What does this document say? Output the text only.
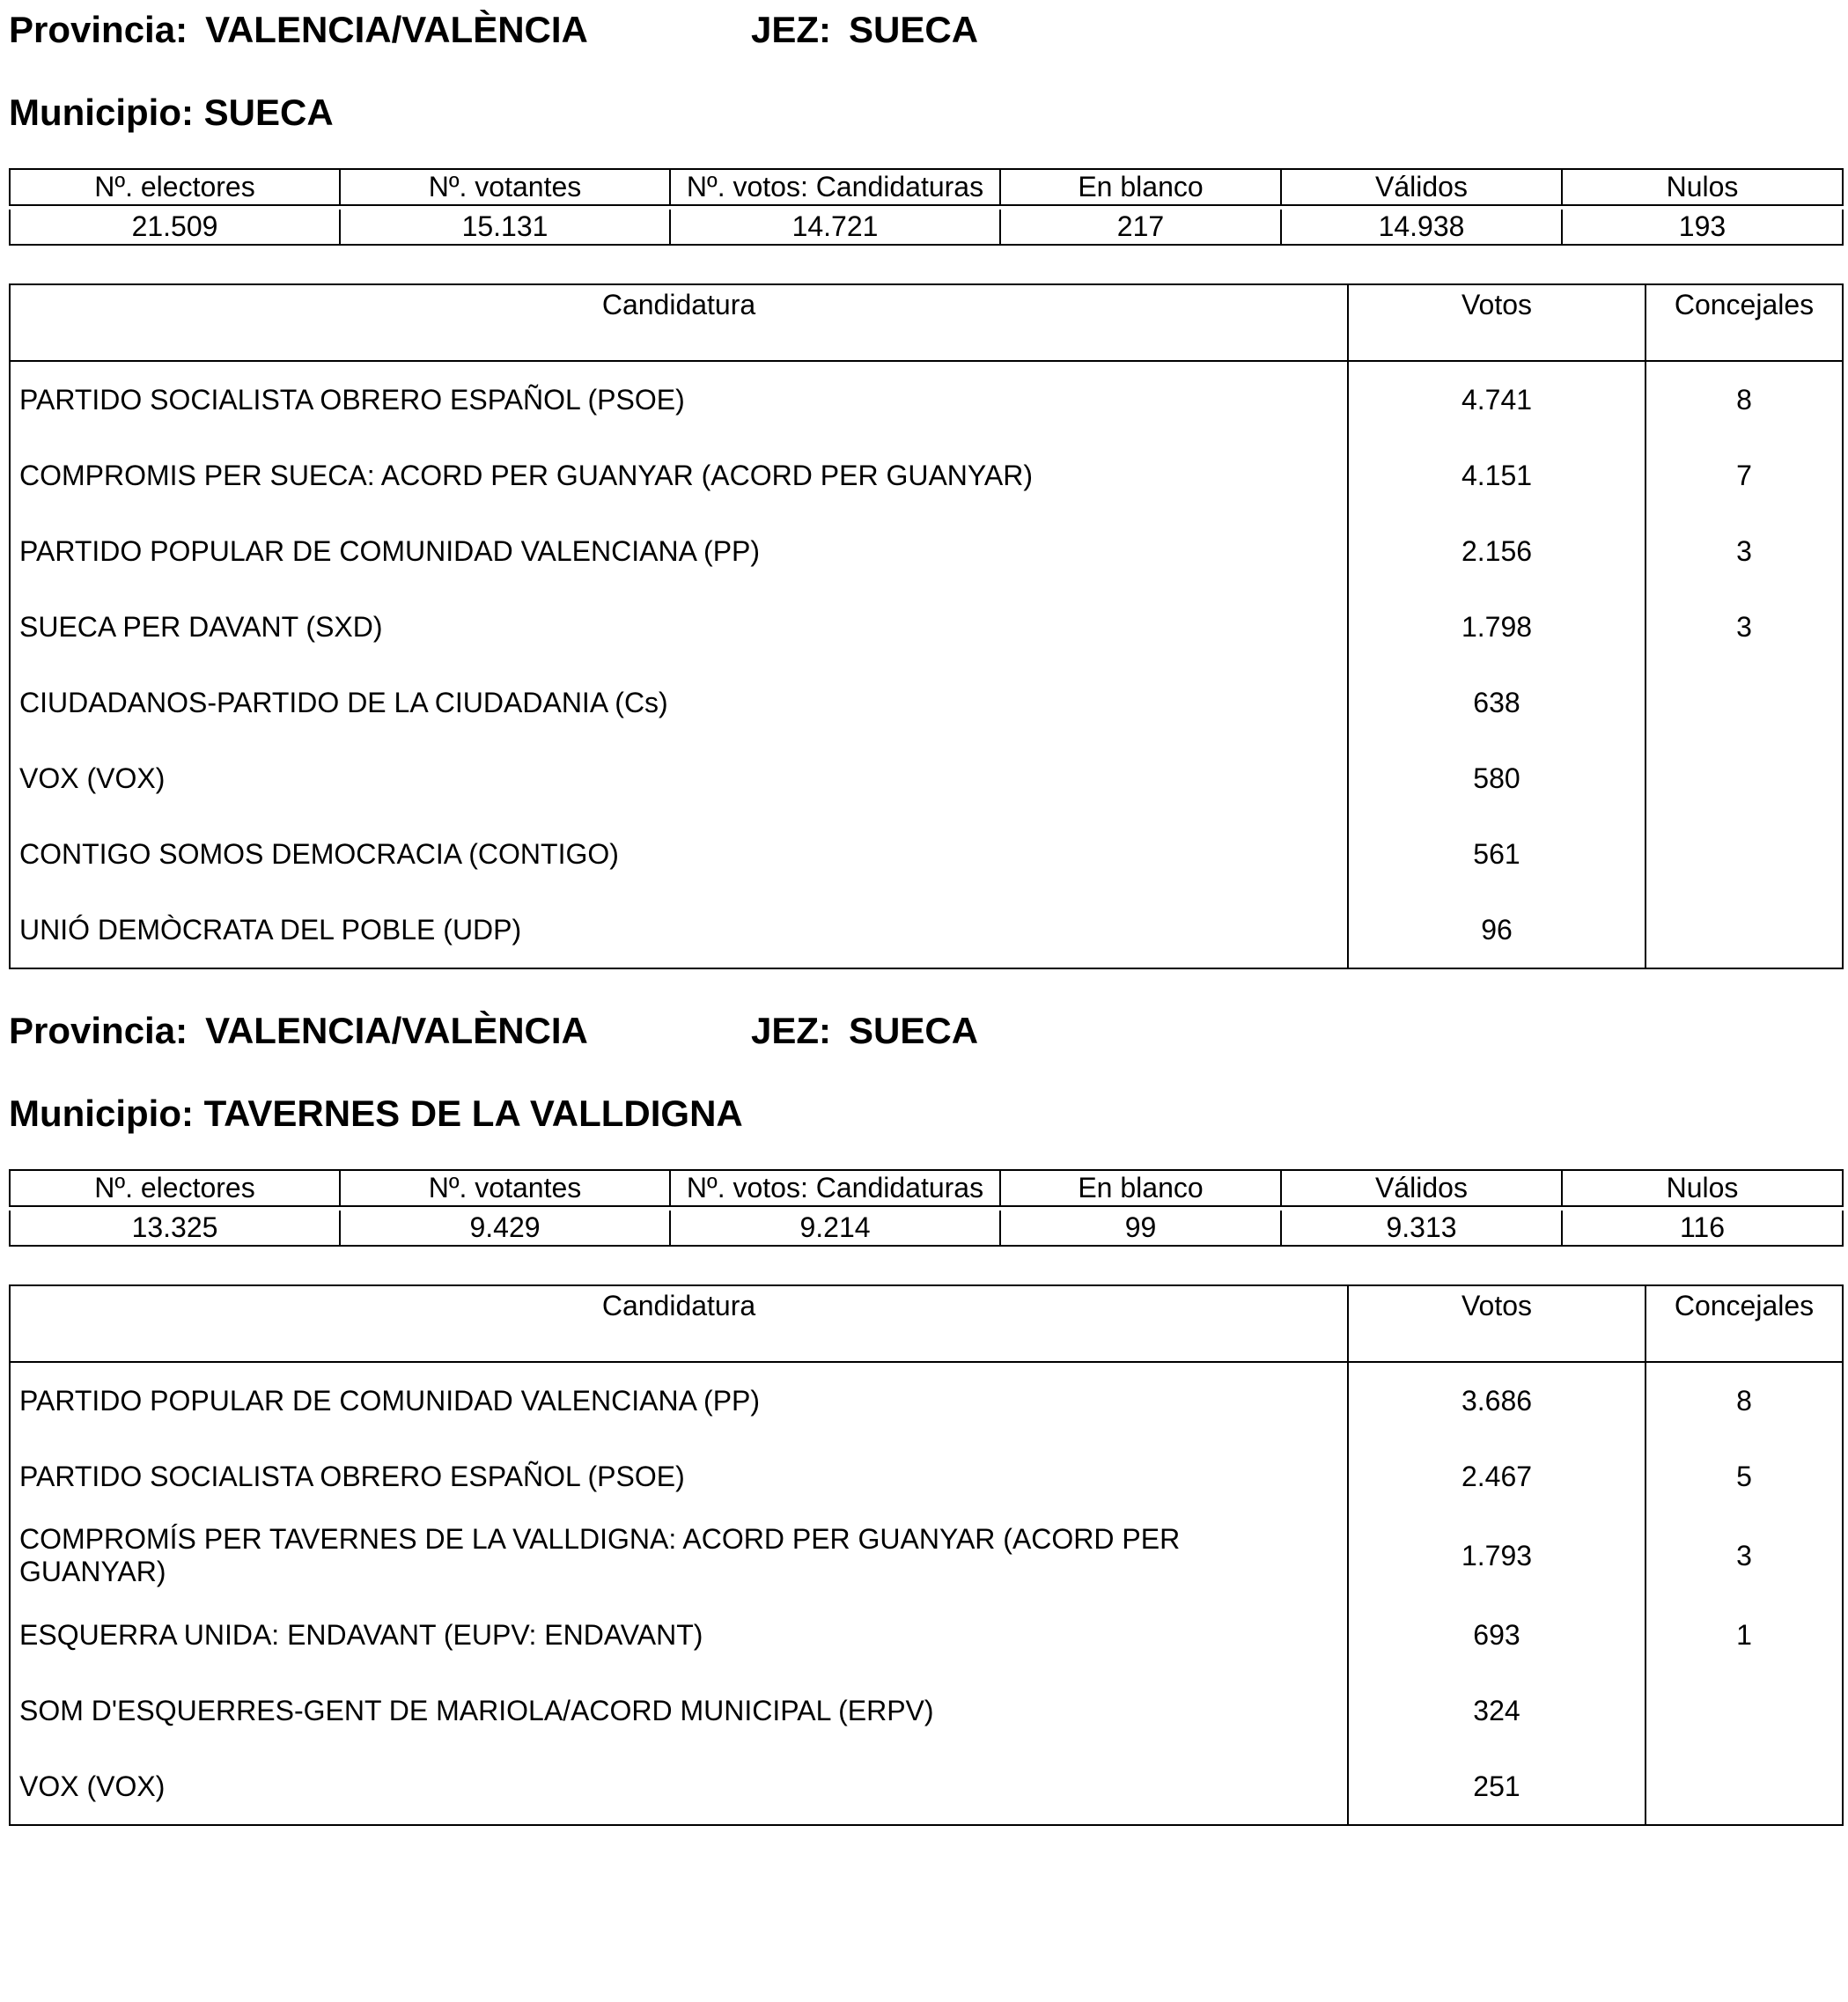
Provincia: VALENCIA/VALÈNCIA	JEZ: SUECA
Municipio: SUECA
Nº. electores	Nº. votantes	Nº. votos: Candidaturas	En blanco	Válidos	Nulos

21.509	15.131	14.721	217	14.938	193
Candidatura	Votos	Concejales
PARTIDO SOCIALISTA OBRERO ESPAÑOL (PSOE)	4.741	8
COMPROMIS PER SUECA: ACORD PER GUANYAR (ACORD PER GUANYAR)	4.151	7
PARTIDO POPULAR DE COMUNIDAD VALENCIANA (PP)	2.156	3
SUECA PER DAVANT (SXD)	1.798	3
CIUDADANOS-PARTIDO DE LA CIUDADANIA (Cs)	638	
VOX (VOX)	580	
CONTIGO SOMOS DEMOCRACIA (CONTIGO)	561	
UNIÓ DEMÒCRATA DEL POBLE (UDP)	96	
Provincia: VALENCIA/VALÈNCIA	JEZ: SUECA
Municipio: TAVERNES DE LA VALLDIGNA
Nº. electores	Nº. votantes	Nº. votos: Candidaturas	En blanco	Válidos	Nulos

13.325	9.429	9.214	99	9.313	116
Candidatura	Votos	Concejales
PARTIDO POPULAR DE COMUNIDAD VALENCIANA (PP)	3.686	8
PARTIDO SOCIALISTA OBRERO ESPAÑOL (PSOE)	2.467	5
COMPROMÍS PER TAVERNES DE LA VALLDIGNA: ACORD PER GUANYAR (ACORD PER GUANYAR)	1.793	3
ESQUERRA UNIDA: ENDAVANT (EUPV: ENDAVANT)	693	1
SOM D'ESQUERRES-GENT DE MARIOLA/ACORD MUNICIPAL (ERPV)	324	
VOX (VOX)	251	
